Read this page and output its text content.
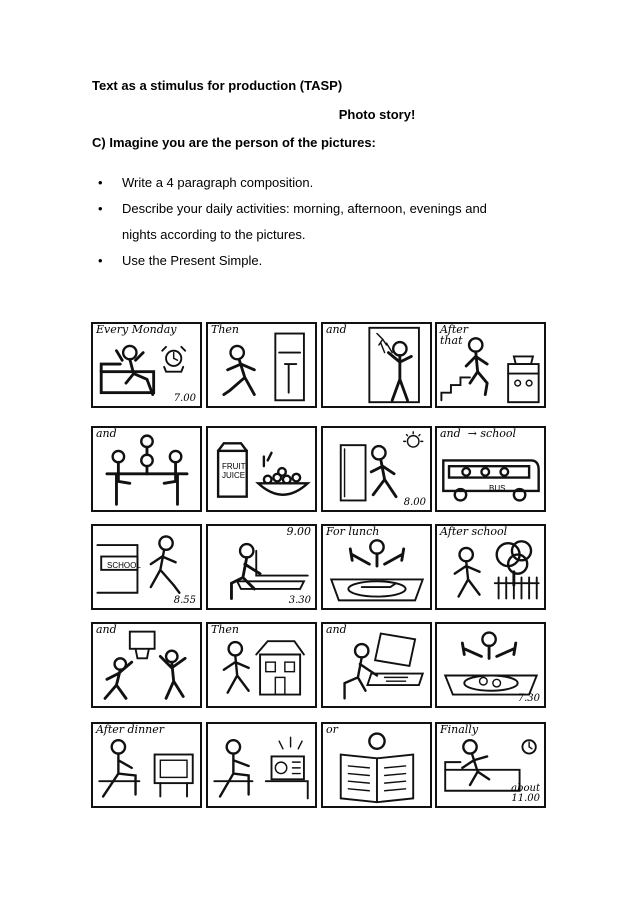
Text as a stimulus for production (TASP)
Photo story!
C) Imagine you are the person of the pictures:
• Write a 4 paragraph composition.
• Describe your daily activities: morning, afternoon, evenings and
nights according to the pictures.
• Use the Present Simple.
Every Monday
7.00
Then	and	After
that
and
FRUIT
JUICE
8.00
and  → school
BUS
SCHOOL
8.55
9.00
3.30
For lunch	After school
and	Then	and
7.30
After dinner	or	Finally
about
11.00
